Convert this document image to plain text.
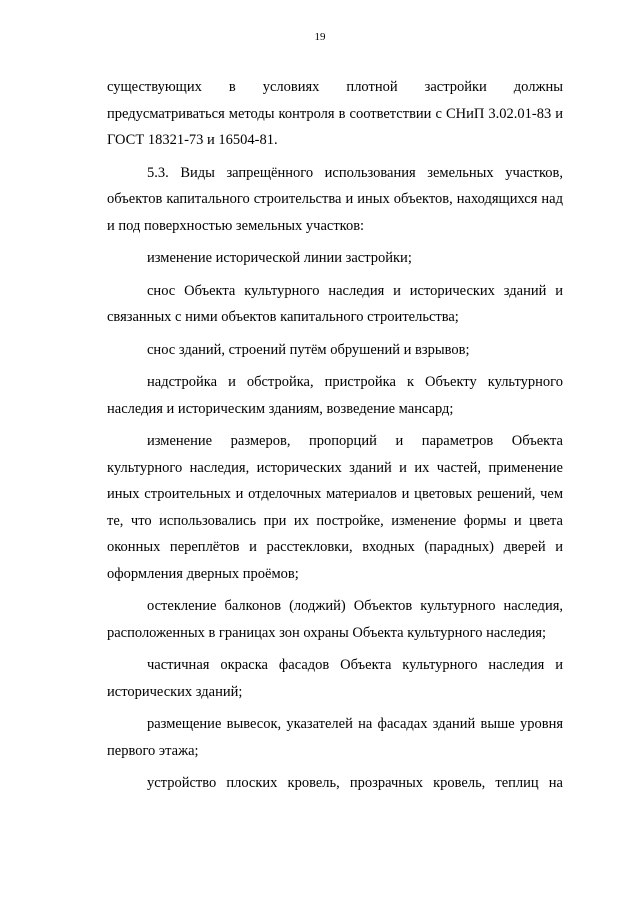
19

существующих в условиях плотной застройки должны предусматриваться методы контроля в соответствии с СНиП 3.02.01-83 и ГОСТ 18321-73 и 16504-81.

5.3. Виды запрещённого использования земельных участков, объектов капитального строительства и иных объектов, находящихся над и под поверхностью земельных участков:

изменение исторической линии застройки;

снос Объекта культурного наследия и исторических зданий и связанных с ними объектов капитального строительства;

снос зданий, строений путём обрушений и взрывов;

надстройка и обстройка, пристройка к Объекту культурного наследия и историческим зданиям, возведение мансард;

изменение размеров, пропорций и параметров Объекта культурного наследия, исторических зданий и их частей, применение иных строительных и отделочных материалов и цветовых решений, чем те, что использовались при их постройке, изменение формы и цвета оконных переплётов и расстекловки, входных (парадных) дверей и оформления дверных проёмов;

остекление балконов (лоджий) Объектов культурного наследия, расположенных в границах зон охраны Объекта культурного наследия;

частичная окраска фасадов Объекта культурного наследия и исторических зданий;

размещение вывесок, указателей на фасадах зданий выше уровня первого этажа;

устройство плоских кровель, прозрачных кровель, теплиц на
